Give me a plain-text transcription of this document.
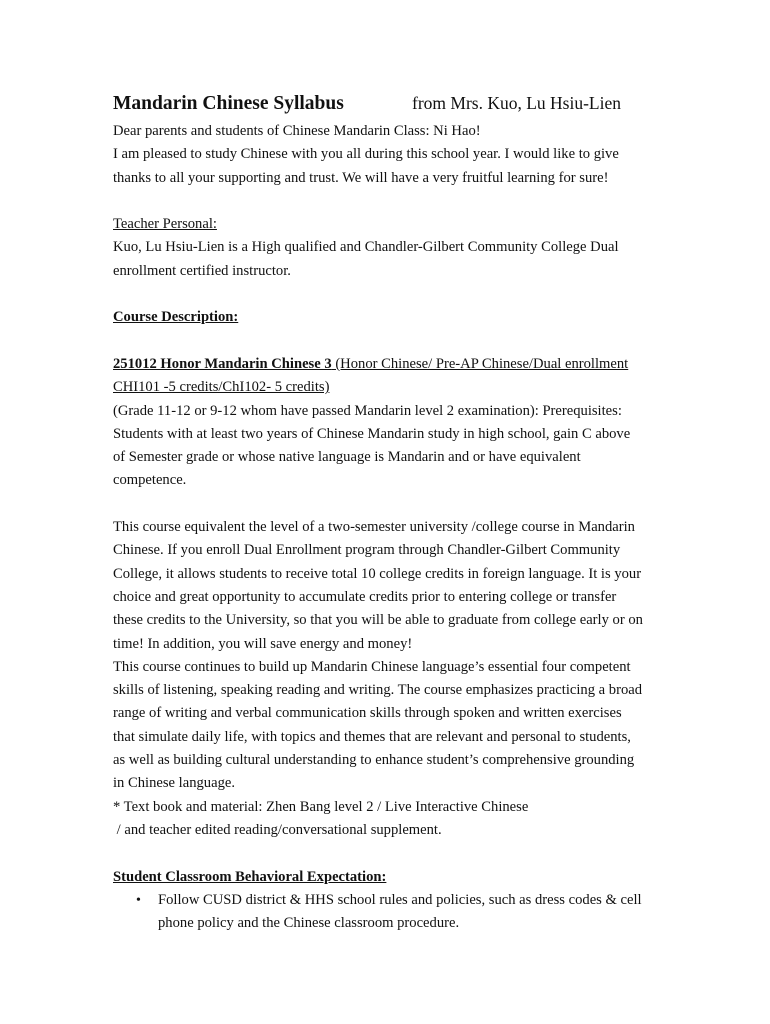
Mandarin Chinese Syllabus	from Mrs. Kuo, Lu Hsiu-Lien

Dear parents and students of Chinese Mandarin Class: Ni Hao!

I am pleased to study Chinese with you all during this school year. I would like to give

thanks to all your supporting and trust. We will have a very fruitful learning for sure!

Teacher Personal:

Kuo, Lu Hsiu-Lien is a High qualified and Chandler-Gilbert Community College Dual

enrollment certified instructor.

Course Description:

251012 Honor Mandarin Chinese 3 (Honor Chinese/ Pre-AP Chinese/Dual enrollment

CHI101 -5 credits/ChI102- 5 credits)

(Grade 11-12 or 9-12 whom have passed Mandarin level 2 examination): Prerequisites:

Students with at least two years of Chinese Mandarin study in high school, gain C above

of Semester grade or whose native language is Mandarin and or have equivalent

competence.

This course equivalent the level of a two-semester university /college course in Mandarin

Chinese. If you enroll Dual Enrollment program through Chandler-Gilbert Community

College, it allows students to receive total 10 college credits in foreign language. It is your

choice and great opportunity to accumulate credits prior to entering college or transfer

these credits to the University, so that you will be able to graduate from college early or on

time! In addition, you will save energy and money!

This course continues to build up Mandarin Chinese language’s essential four competent

skills of listening, speaking reading and writing. The course emphasizes practicing a broad

range of writing and verbal communication skills through spoken and written exercises

that simulate daily life, with topics and themes that are relevant and personal to students,

as well as building cultural understanding to enhance student’s comprehensive grounding

in Chinese language.

* Text book and material: Zhen Bang level 2 / Live Interactive Chinese

/ and teacher edited reading/conversational supplement.

Student Classroom Behavioral Expectation:

• Follow CUSD district & HHS school rules and policies, such as dress codes & cell

phone policy and the Chinese classroom procedure.
